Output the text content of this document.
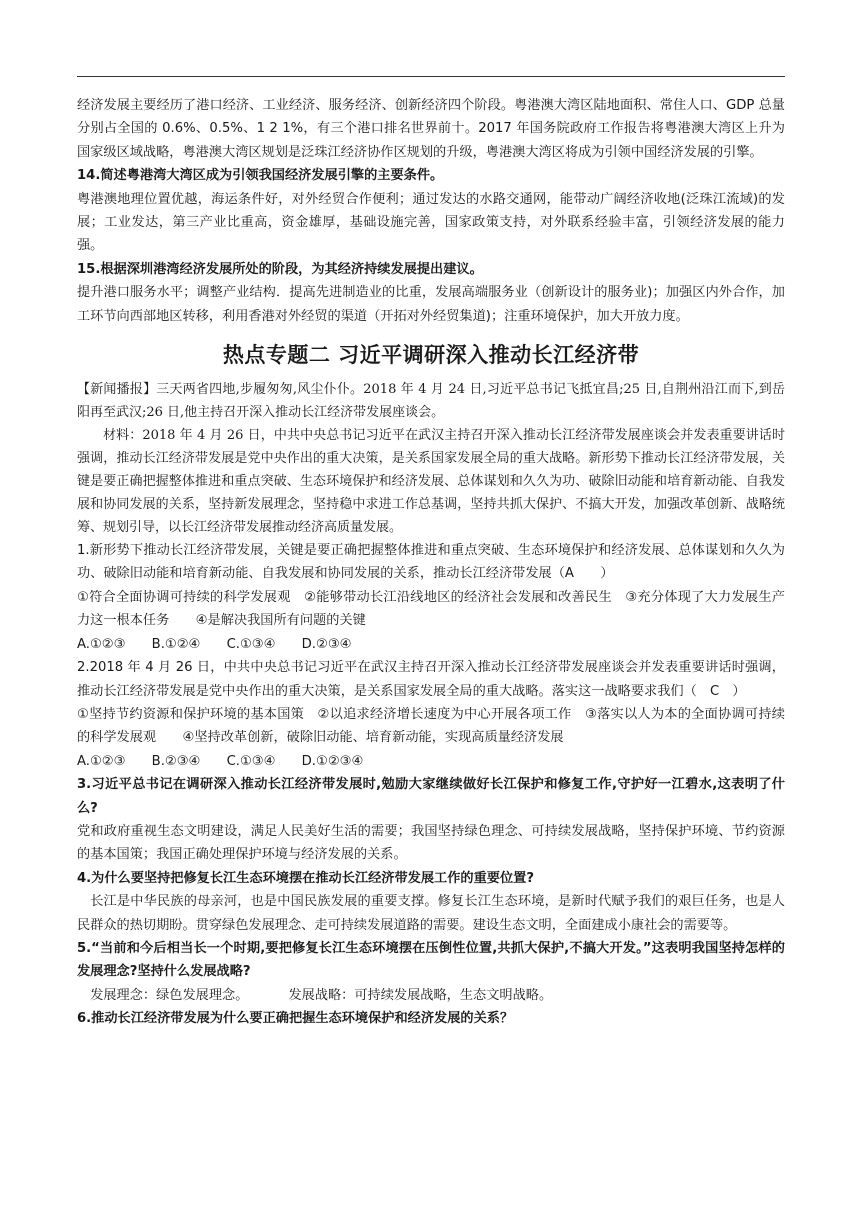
经济发展主要经历了港口经济、工业经济、服务经济、创新经济四个阶段。粤港澳大湾区陆地面积、常住人口、GDP 总量分别占全国的 0.6%、0.5%、1 2 1%，有三个港口排名世界前十。2017 年国务院政府工作报告将粤港澳大湾区上升为国家级区域战略，粤港澳大湾区规划是泛珠江经济协作区规划的升级，粤港澳大湾区将成为引领中国经济发展的引擎。

14.简述粤港湾大湾区成为引领我国经济发展引擎的主要条件。

粤港澳地理位置优越，海运条件好，对外经贸合作便利；通过发达的水路交通网，能带动广阔经济收地(泛珠江流域)的发展；工业发达，第三产业比重高，资金雄厚，基础设施完善，国家政策支持，对外联系经验丰富，引领经济发展的能力强。

15.根据深圳港湾经济发展所处的阶段，为其经济持续发展提出建议。

提升港口服务水平；调整产业结构．提高先进制造业的比重，发展高端服务业（创新设计的服务业)；加强区内外合作，加工环节向西部地区转移，利用香港对外经贸的渠道（开拓对外经贸集道)；注重环境保护，加大开放力度。

热点专题二 习近平调研深入推动长江经济带

【新闻播报】三天两省四地,步履匆匆,风尘仆仆。2018 年 4 月 24 日,习近平总书记飞抵宜昌;25 日,自荆州沿江而下,到岳阳再至武汉;26 日,他主持召开深入推动长江经济带发展座谈会。

材料：2018 年 4 月 26 日，中共中央总书记习近平在武汉主持召开深入推动长江经济带发展座谈会并发表重要讲话时强调，推动长江经济带发展是党中央作出的重大决策，是关系国家发展全局的重大战略。新形势下推动长江经济带发展，关键是要正确把握整体推进和重点突破、生态环境保护和经济发展、总体谋划和久久为功、破除旧动能和培育新动能、自我发展和协同发展的关系，坚持新发展理念，坚持稳中求进工作总基调，坚持共抓大保护、不搞大开发，加强改革创新、战略统筹、规划引导，以长江经济带发展推动经济高质量发展。

1.新形势下推动长江经济带发展，关键是要正确把握整体推进和重点突破、生态环境保护和经济发展、总体谋划和久久为功、破除旧动能和培育新动能、自我发展和协同发展的关系，推动长江经济带发展（A　　）

①符合全面协调可持续的科学发展观　②能够带动长江沿线地区的经济社会发展和改善民生　③充分体现了大力发展生产力这一根本任务　　④是解决我国所有问题的关键

A.①②③ B.①②④ C.①③④ D.②③④

2.2018 年 4 月 26 日，中共中央总书记习近平在武汉主持召开深入推动长江经济带发展座谈会并发表重要讲话时强调，推动长江经济带发展是党中央作出的重大决策，是关系国家发展全局的重大战略。落实这一战略要求我们（　C　）

①坚持节约资源和保护环境的基本国策　②以追求经济增长速度为中心开展各项工作　③落实以人为本的全面协调可持续的科学发展观　　④坚持改革创新，破除旧动能、培育新动能，实现高质量经济发展

A.①②③ B.②③④ C.①③④ D.①②③④

3.习近平总书记在调研深入推动长江经济带发展时,勉励大家继续做好长江保护和修复工作,守护好一江碧水,这表明了什么?

党和政府重视生态文明建设，满足人民美好生活的需要；我国坚持绿色理念、可持续发展战略，坚持保护环境、节约资源的基本国策；我国正确处理保护环境与经济发展的关系。

4.为什么要坚持把修复长江生态环境摆在推动长江经济带发展工作的重要位置?

长江是中华民族的母亲河，也是中国民族发展的重要支撑。修复长江生态环境，是新时代赋予我们的艰巨任务，也是人民群众的热切期盼。贯穿绿色发展理念、走可持续发展道路的需要。建设生态文明，全面建成小康社会的需要等。

5.“当前和今后相当长一个时期,要把修复长江生态环境摆在压倒性位置,共抓大保护,不搞大开发。”这表明我国坚持怎样的发展理念?坚持什么发展战略?

发展理念：绿色发展理念。	发展战略：可持续发展战略，生态文明战略。

6.推动长江经济带发展为什么要正确把握生态环境保护和经济发展的关系？
